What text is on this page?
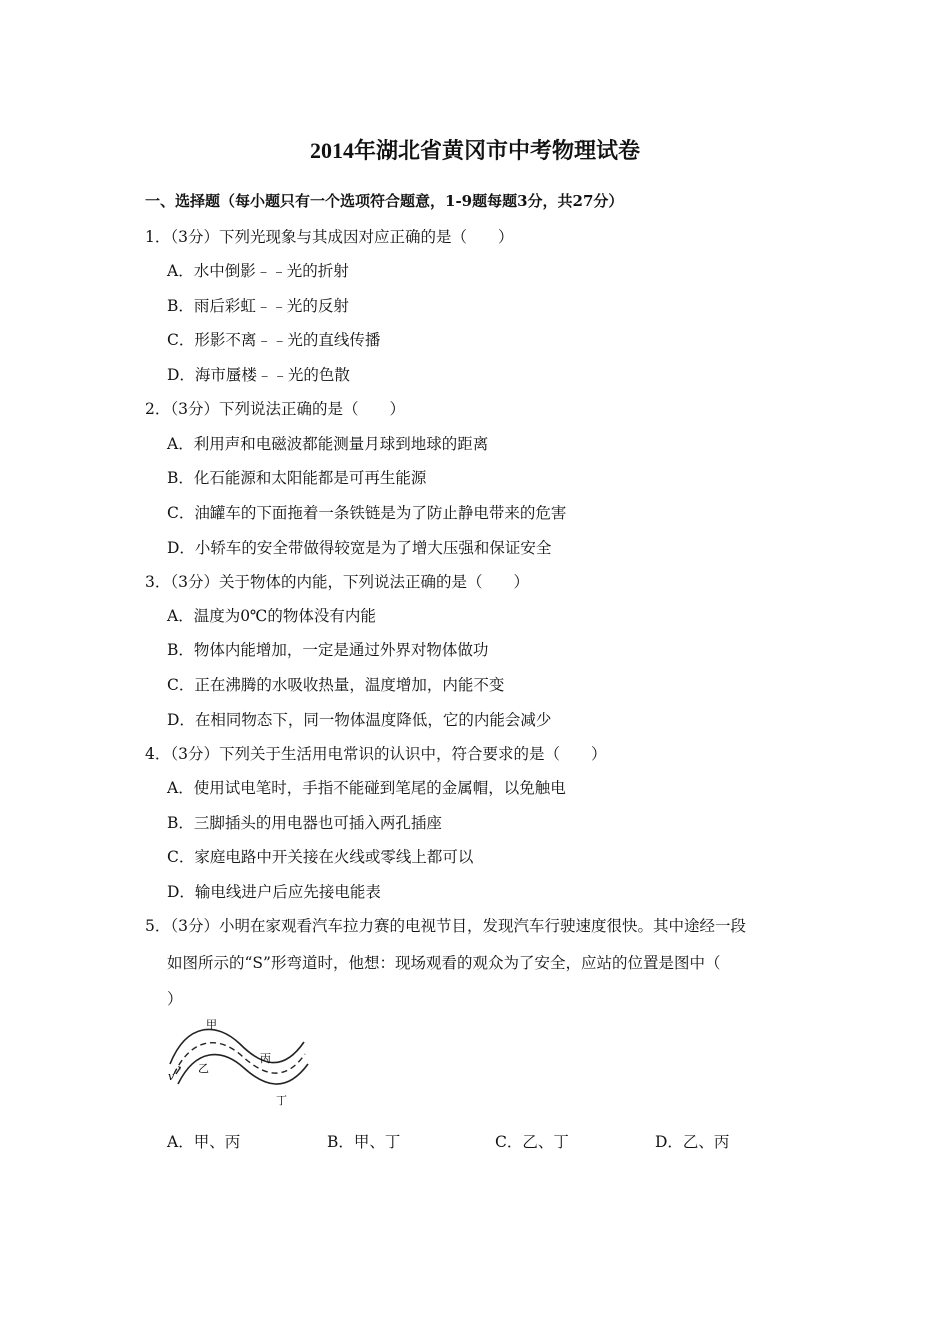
2014年湖北省黄冈市中考物理试卷
一、选择题（每小题只有一个选项符合题意，1-9题每题3分，共27分）
1．（3分）下列光现象与其成因对应正确的是（　　）
A．水中倒影﹣﹣光的折射
B．雨后彩虹﹣﹣光的反射
C．形影不离﹣﹣光的直线传播
D．海市蜃楼﹣﹣光的色散
2．（3分）下列说法正确的是（　　）
A．利用声和电磁波都能测量月球到地球的距离
B．化石能源和太阳能都是可再生能源
C．油罐车的下面拖着一条铁链是为了防止静电带来的危害
D．小轿车的安全带做得较宽是为了增大压强和保证安全
3．（3分）关于物体的内能，下列说法正确的是（　　）
A．温度为0℃的物体没有内能
B．物体内能增加，一定是通过外界对物体做功
C．正在沸腾的水吸收热量，温度增加，内能不变
D．在相同物态下，同一物体温度降低，它的内能会减少
4．（3分）下列关于生活用电常识的认识中，符合要求的是（　　）
A．使用试电笔时，手指不能碰到笔尾的金属帽，以免触电
B．三脚插头的用电器也可插入两孔插座
C．家庭电路中开关接在火线或零线上都可以
D．输电线进户后应先接电能表
5．（3分）小明在家观看汽车拉力赛的电视节目，发现汽车行驶速度很快。其中途经一段
如图所示的“S”形弯道时，他想：现场观看的观众为了安全，应站的位置是图中（
）
甲
乙
丙
丁
v
A．甲、丙	B．甲、丁	C．乙、丁	D．乙、丙
